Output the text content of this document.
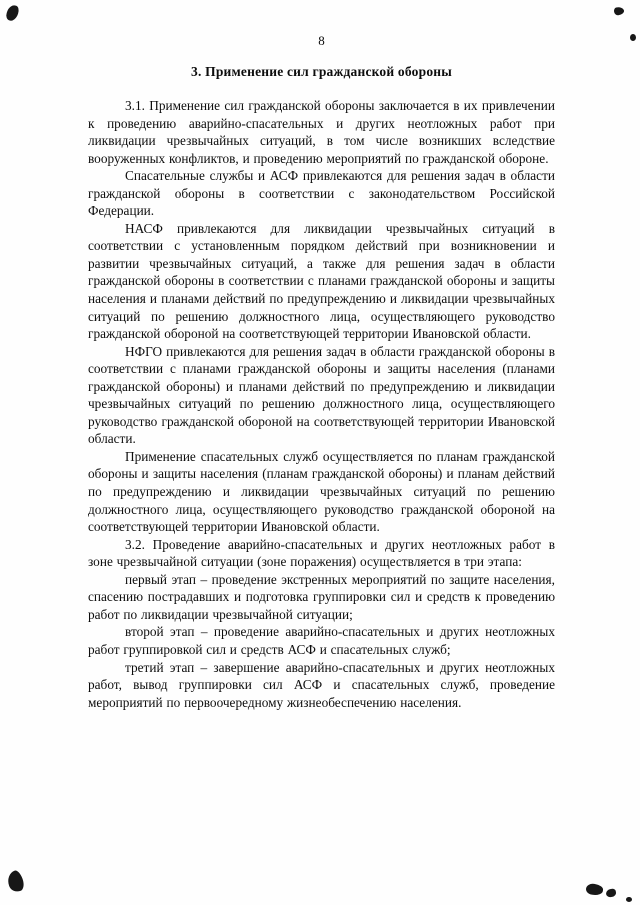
8
3. Применение сил гражданской обороны

3.1. Применение сил гражданской обороны заключается в их привлечении к проведению аварийно-спасательных и других неотложных работ при ликвидации чрезвычайных ситуаций, в том числе возникших вследствие вооруженных конфликтов, и проведению мероприятий по гражданской обороне.

Спасательные службы и АСФ привлекаются для решения задач в области гражданской обороны в соответствии с законодательством Российской Федерации.

НАСФ привлекаются для ликвидации чрезвычайных ситуаций в соответствии с установленным порядком действий при возникновении и развитии чрезвычайных ситуаций, а также для решения задач в области гражданской обороны в соответствии с планами гражданской обороны и защиты населения и планами действий по предупреждению и ликвидации чрезвычайных ситуаций по решению должностного лица, осуществляющего руководство гражданской обороной на соответствующей территории Ивановской области.

НФГО привлекаются для решения задач в области гражданской обороны в соответствии с планами гражданской обороны и защиты населения (планами гражданской обороны) и планами действий по предупреждению и ликвидации чрезвычайных ситуаций по решению должностного лица, осуществляющего руководство гражданской обороной на соответствующей территории Ивановской области.

Применение спасательных служб осуществляется по планам гражданской обороны и защиты населения (планам гражданской обороны) и планам действий по предупреждению и ликвидации чрезвычайных ситуаций по решению должностного лица, осуществляющего руководство гражданской обороной на соответствующей территории Ивановской области.

3.2. Проведение аварийно-спасательных и других неотложных работ в зоне чрезвычайной ситуации (зоне поражения) осуществляется в три этапа:

первый этап – проведение экстренных мероприятий по защите населения, спасению пострадавших и подготовка группировки сил и средств к проведению работ по ликвидации чрезвычайной ситуации;

второй этап – проведение аварийно-спасательных и других неотложных работ группировкой сил и средств АСФ и спасательных служб;

третий этап – завершение аварийно-спасательных и других неотложных работ, вывод группировки сил АСФ и спасательных служб, проведение мероприятий по первоочередному жизнеобеспечению населения.
